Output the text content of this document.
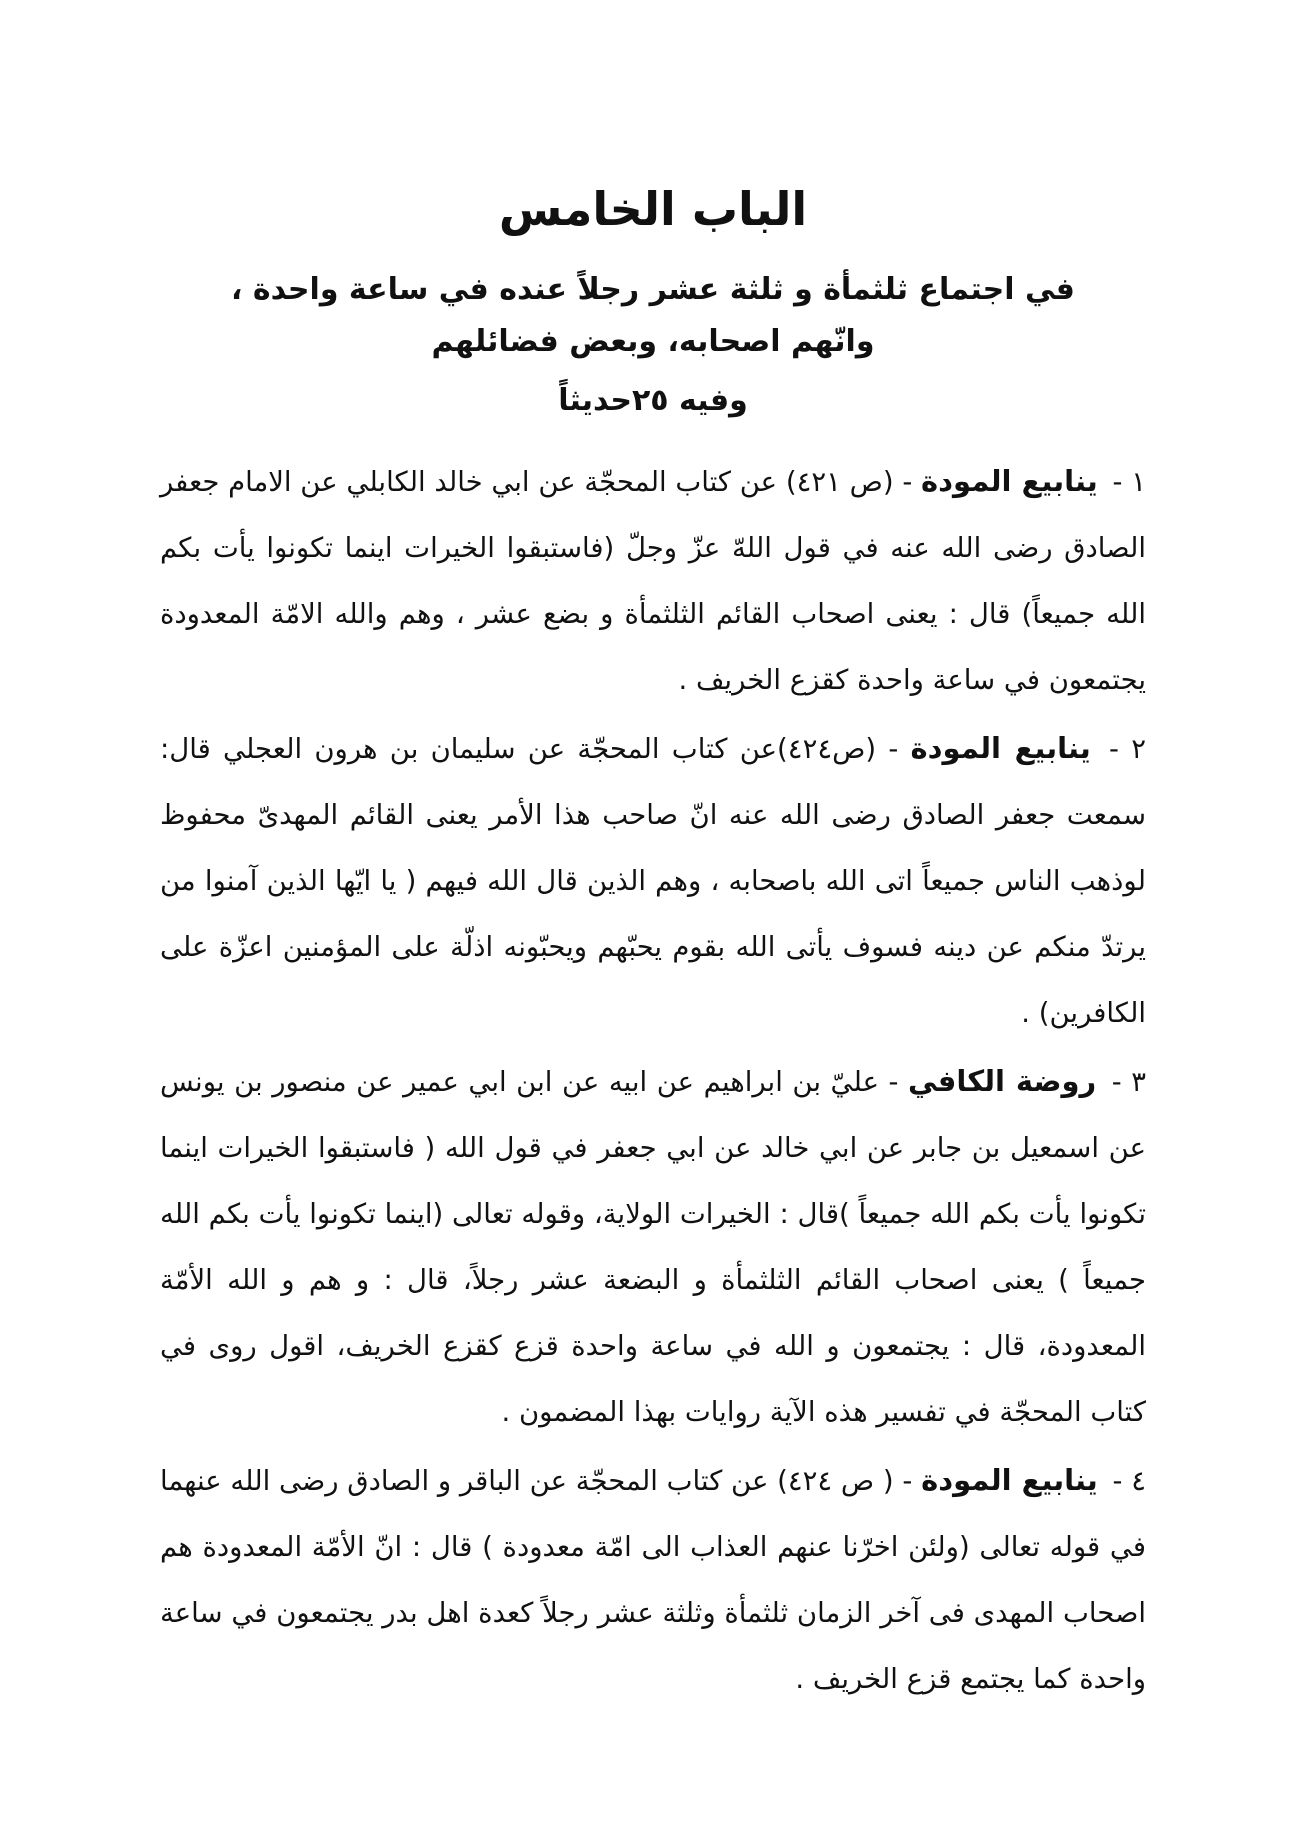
الباب الخامس

في اجتماع ثلثمأة و ثلثة عشر رجلاً عنده في ساعة واحدة ، وانّهم اصحابه، وبعض فضائلهم

وفيه ٢٥حديثاً

١ - ينابيع المودة - (ص ٤٢١) عن كتاب المحجّة عن ابي خالد الكابلي عن الامام جعفر الصادق رضى الله عنه في قول اللهّ عزّ وجلّ (فاستبقوا الخيرات اينما تكونوا يأت بكم الله جميعاً) قال : يعنى اصحاب القائم الثلثمأة و بضع عشر ، وهم والله الامّة المعدودة يجتمعون في ساعة واحدة كقزع الخريف .

٢ - ينابيع المودة - (ص٤٢٤)عن كتاب المحجّة عن سليمان بن هرون العجلي قال: سمعت جعفر الصادق رضى الله عنه انّ صاحب هذا الأمر يعنى القائم المهدىّ محفوظ لوذهب الناس جميعاً اتى الله باصحابه ، وهم الذين قال الله فيهم ( يا ايّها الذين آمنوا من يرتدّ منكم عن دينه فسوف يأتى الله بقوم يحبّهم ويحبّونه اذلّة على المؤمنين اعزّة على الكافرين) .

٣ - روضة الكافي - عليّ بن ابراهيم عن ابيه عن ابن ابي عمير عن منصور بن يونس عن اسمعيل بن جابر عن ابي خالد عن ابي جعفر في قول الله ( فاستبقوا الخيرات اينما تكونوا يأت بكم الله جميعاً )قال : الخيرات الولاية، وقوله تعالى (اينما تكونوا يأت بكم الله جميعاً ) يعنى اصحاب القائم الثلثمأة و البضعة عشر رجلاً، قال : و هم و الله الأمّة المعدودة، قال : يجتمعون و الله في ساعة واحدة قزع كقزع الخريف، اقول روى في كتاب المحجّة في تفسير هذه الآية روايات بهذا المضمون .

٤ - ينابيع المودة - ( ص ٤٢٤) عن كتاب المحجّة عن الباقر و الصادق رضى الله عنهما في قوله تعالى (ولئن اخرّنا عنهم العذاب الى امّة معدودة ) قال : انّ الأمّة المعدودة هم اصحاب المهدى فى آخر الزمان ثلثمأة وثلثة عشر رجلاً كعدة اهل بدر يجتمعون في ساعة واحدة كما يجتمع قزع الخريف .
